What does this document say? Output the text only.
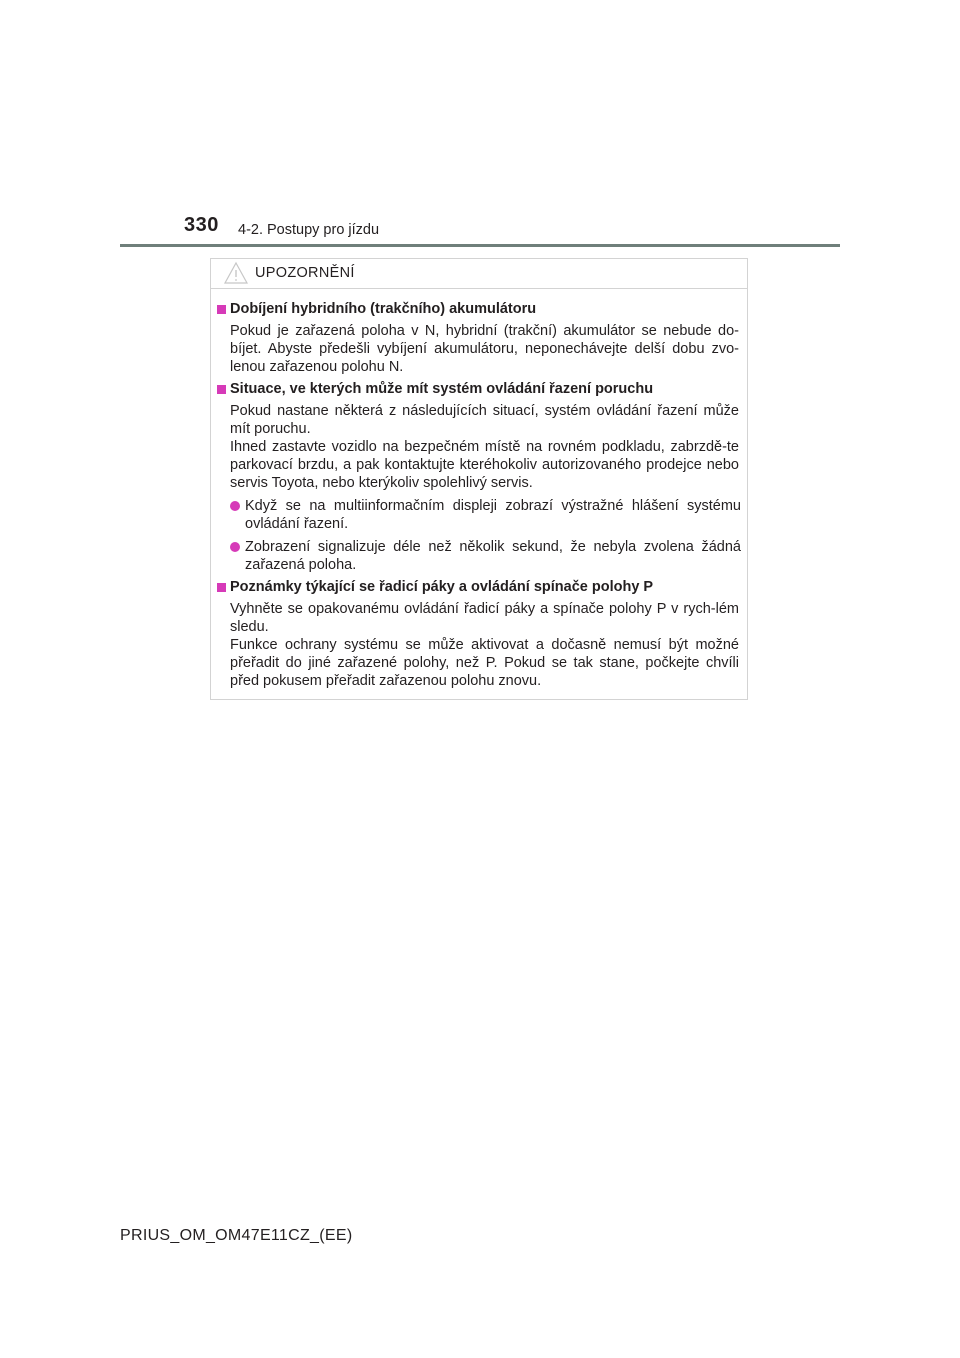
330 4-2. Postupy pro jízdu
UPOZORNĚNÍ
Dobíjení hybridního (trakčního) akumulátoru
Pokud je zařazená poloha v N, hybridní (trakční) akumulátor se nebude do-bíjet. Abyste předešli vybíjení akumulátoru, neponechávejte delší dobu zvo-lenou zařazenou polohu N.
Situace, ve kterých může mít systém ovládání řazení poruchu
Pokud nastane některá z následujících situací, systém ovládání řazení může mít poruchu.
Ihned zastavte vozidlo na bezpečném místě na rovném podkladu, zabrzdě-te parkovací brzdu, a pak kontaktujte kteréhokoliv autorizovaného prodejce nebo servis Toyota, nebo kterýkoliv spolehlivý servis.
Když se na multiinformačním displeji zobrazí výstražné hlášení systému ovládání řazení.
Zobrazení signalizuje déle než několik sekund, že nebyla zvolena žádná zařazená poloha.
Poznámky týkající se řadicí páky a ovládání spínače polohy P
Vyhněte se opakovanému ovládání řadicí páky a spínače polohy P v rych-lém sledu.
Funkce ochrany systému se může aktivovat a dočasně nemusí být možné přeřadit do jiné zařazené polohy, než P. Pokud se tak stane, počkejte chvíli před pokusem přeřadit zařazenou polohu znovu.
PRIUS_OM_OM47E11CZ_(EE)
